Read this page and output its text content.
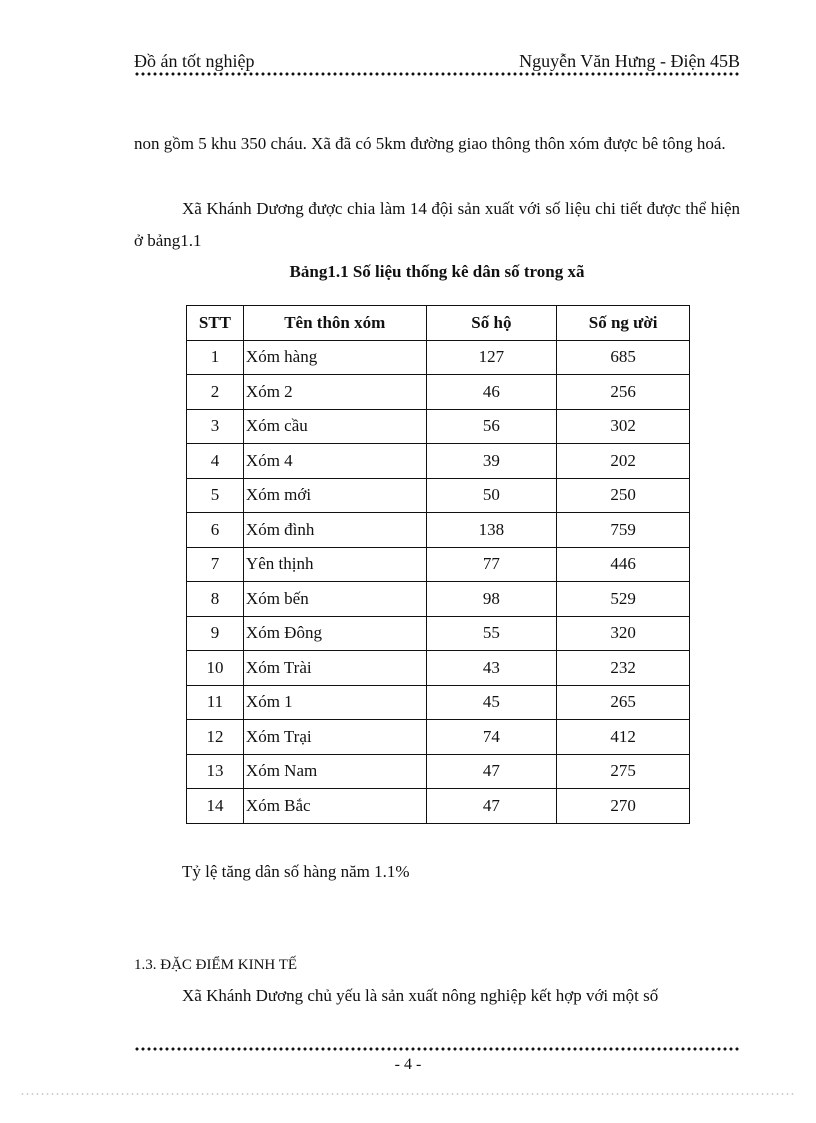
Đồ án tốt nghiệp	Nguyễn Văn Hưng - Điện 45B
non gồm 5 khu 350 cháu. Xã đã có 5km đường giao thông thôn xóm được bê tông hoá.
Xã Khánh Dương được chia làm 14 đội sản xuất với số liệu chi tiết được thể hiện ở bảng1.1
Bảng1.1 Số liệu thống kê dân số trong xã
STT	Tên thôn xóm	Số hộ	Số ng ười
1	Xóm hàng	127	685
2	Xóm 2	46	256
3	Xóm cầu	56	302
4	Xóm 4	39	202
5	Xóm mới	50	250
6	Xóm đình	138	759
7	Yên thịnh	77	446
8	Xóm bến	98	529
9	Xóm Đông	55	320
10	Xóm Trài	43	232
11	Xóm 1	45	265
12	Xóm Trại	74	412
13	Xóm Nam	47	275
14	Xóm Bắc	47	270
Tỷ lệ tăng dân số hàng năm 1.1%
1.3. ĐẶC ĐIỂM KINH TẾ
Xã Khánh Dương chủ yếu là sản xuất nông nghiệp kết hợp với một số
- 4 -
